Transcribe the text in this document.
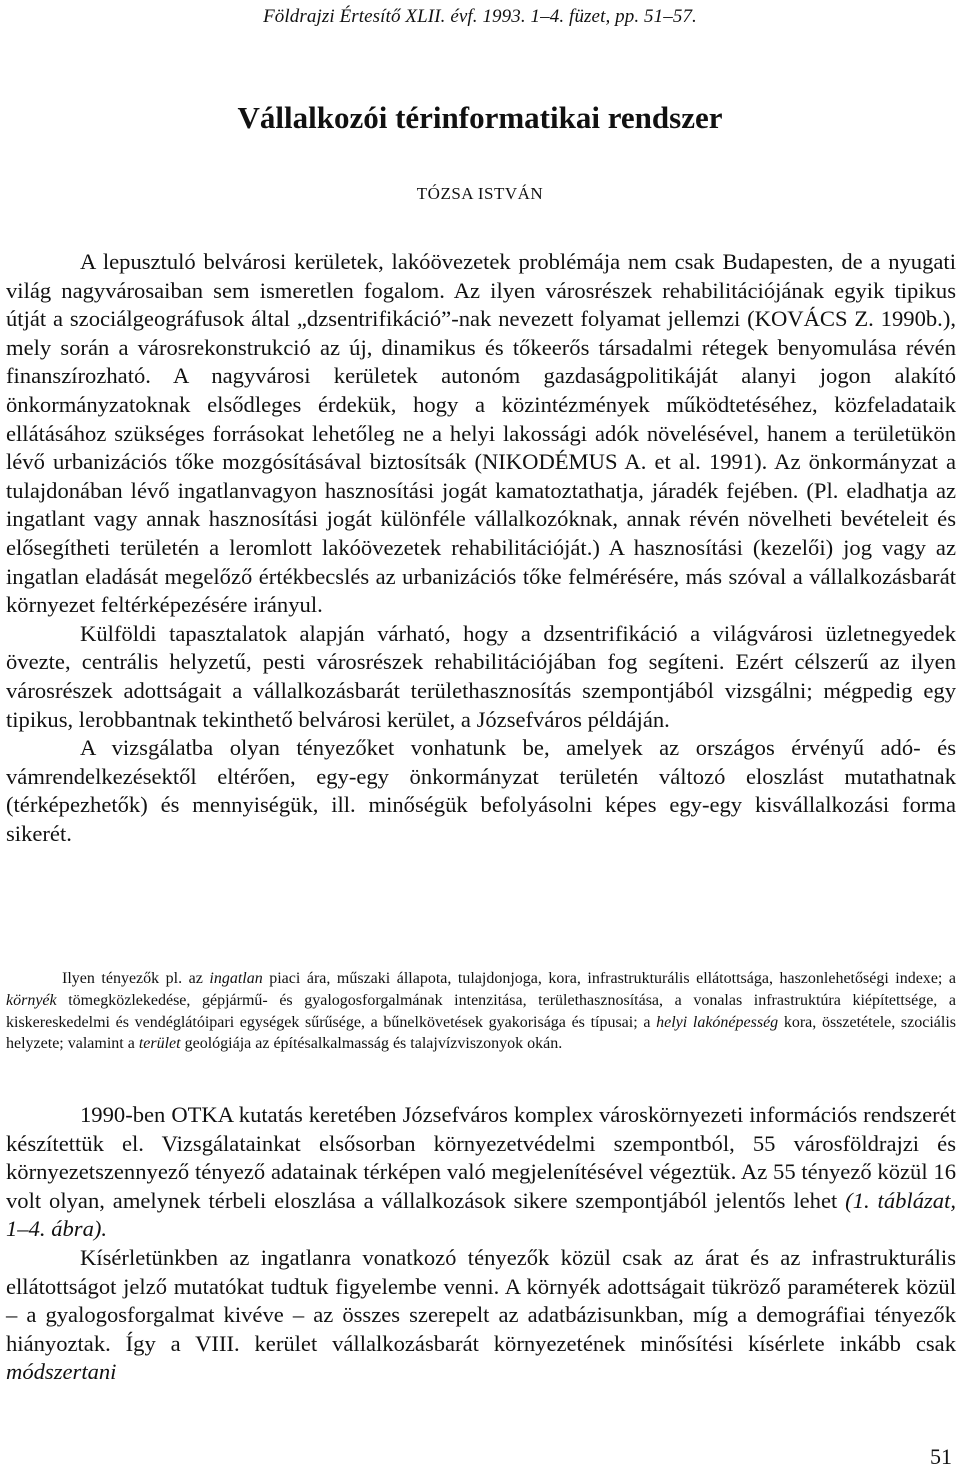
Földrajzi Értesítő XLII. évf. 1993. 1–4. füzet, pp. 51–57.
Vállalkozói térinformatikai rendszer
TÓZSA ISTVÁN

A lepusztuló belvárosi kerületek, lakóövezetek problémája nem csak Budapesten, de a nyugati világ nagyvárosaiban sem ismeretlen fogalom. Az ilyen városrészek rehabilitációjának egyik tipikus útját a szociálgeográfusok által „dzsentrifikáció”-nak nevezett folyamat jellemzi (KOVÁCS Z. 1990b.), mely során a városrekonstrukció az új, dinamikus és tőkeerős társadalmi rétegek benyomulása révén finanszírozható. A nagyvárosi kerületek autonóm gazdaságpolitikáját alanyi jogon alakító önkormányzatoknak elsődleges érdekük, hogy a közintézmények működtetéséhez, közfeladataik ellátásához szükséges forrásokat lehetőleg ne a helyi lakossági adók növelésével, hanem a területükön lévő urbanizációs tőke mozgósításával biztosítsák (NIKODÉMUS A. et al. 1991). Az önkormányzat a tulajdonában lévő ingatlanvagyon hasznosítási jogát kamatoztathatja, járadék fejében. (Pl. eladhatja az ingatlant vagy annak hasznosítási jogát különféle vállalkozóknak, annak révén növelheti bevételeit és elősegítheti területén a leromlott lakóövezetek rehabilitációját.) A hasznosítási (kezelői) jog vagy az ingatlan eladását megelőző értékbecslés az urbanizációs tőke felmérésére, más szóval a vállalkozásbarát környezet feltérképezésére irányul.

Külföldi tapasztalatok alapján várható, hogy a dzsentrifikáció a világvárosi üzletnegyedek övezte, centrális helyzetű, pesti városrészek rehabilitációjában fog segíteni. Ezért célszerű az ilyen városrészek adottságait a vállalkozásbarát területhasznosítás szempontjából vizsgálni; mégpedig egy tipikus, lerobbantnak tekinthető belvárosi kerület, a Józsefváros példáján.

A vizsgálatba olyan tényezőket vonhatunk be, amelyek az országos érvényű adó- és vámrendelkezésektől eltérően, egy-egy önkormányzat területén változó eloszlást mutathatnak (térképezhetők) és mennyiségük, ill. minőségük befolyásolni képes egy-egy kisvállalkozási forma sikerét.

Ilyen tényezők pl. az ingatlan piaci ára, műszaki állapota, tulajdonjoga, kora, infrastrukturális ellátottsága, haszonlehetőségi indexe; a környék tömegközlekedése, gépjármű- és gyalogosforgalmának intenzitása, területhasznosítása, a vonalas infrastruktúra kiépítettsége, a kiskereskedelmi és vendéglátóipari egységek sűrűsége, a bűnelkövetések gyakorisága és típusai; a helyi lakónépesség kora, összetétele, szociális helyzete; valamint a terület geológiája az építésalkalmasság és talajvízviszonyok okán.

1990-ben OTKA kutatás keretében Józsefváros komplex városkörnyezeti információs rendszerét készítettük el. Vizsgálatainkat elsősorban környezetvédelmi szempontból, 55 városföldrajzi és környezetszennyező tényező adatainak térképen való megjelenítésével végeztük. Az 55 tényező közül 16 volt olyan, amelynek térbeli eloszlása a vállalkozások sikere szempontjából jelentős lehet (1. táblázat, 1–4. ábra).

Kísérletünkben az ingatlanra vonatkozó tényezők közül csak az árat és az infrastrukturális ellátottságot jelző mutatókat tudtuk figyelembe venni. A környék adottságait tükröző paraméterek közül – a gyalogosforgalmat kivéve – az összes szerepelt az adatbázisunkban, míg a demográfiai tényezők hiányoztak. Így a VIII. kerület vállalkozásbarát környezetének minősítési kísérlete inkább csak módszertani

51
